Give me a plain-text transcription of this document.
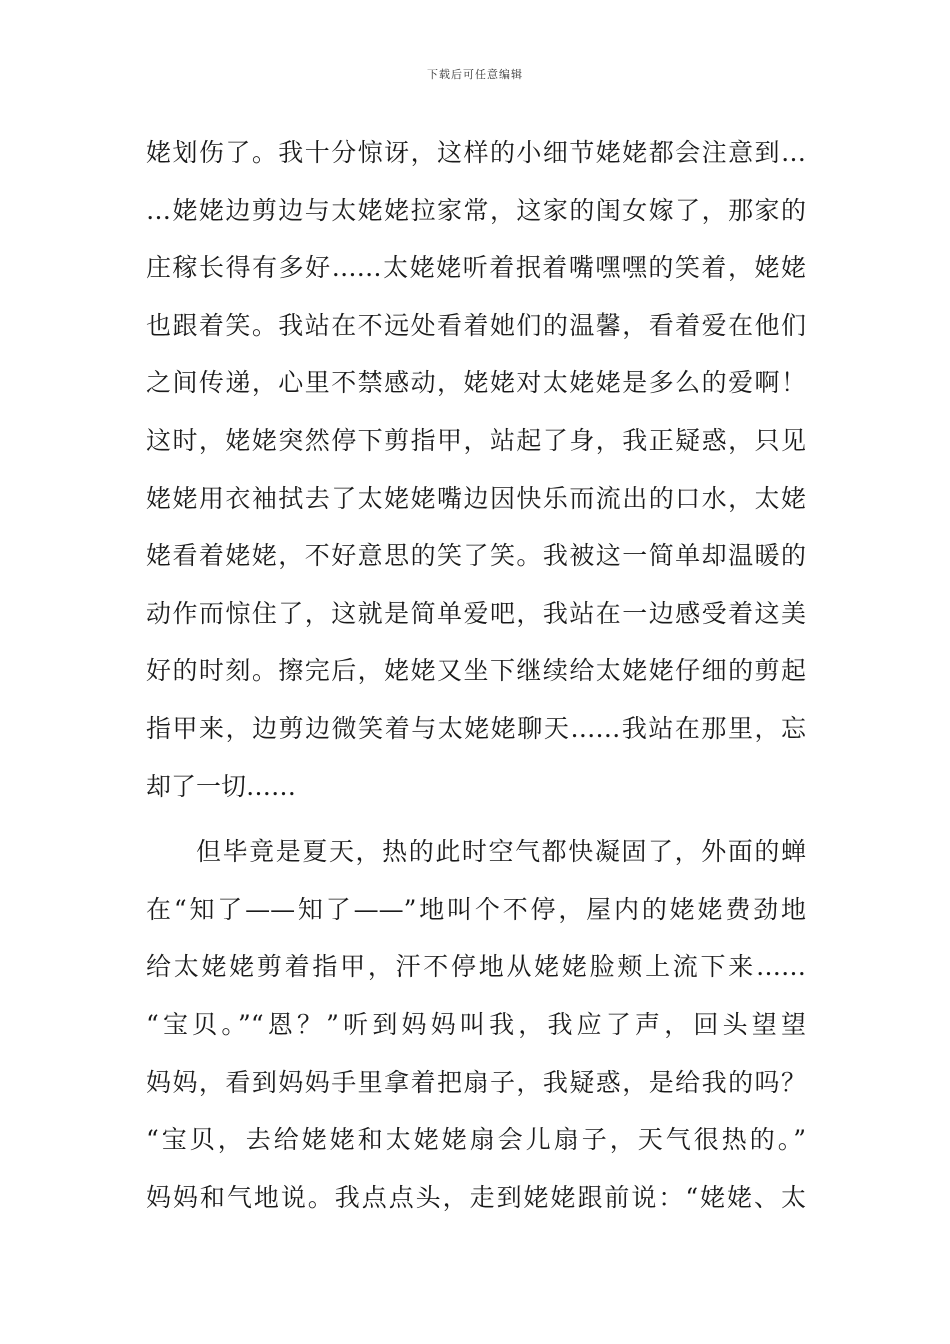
下载后可任意编辑
姥划伤了。我十分惊讶，这样的小细节姥姥都会注意到…
…姥姥边剪边与太姥姥拉家常，这家的闺女嫁了，那家的
庄稼长得有多好……太姥姥听着抿着嘴嘿嘿的笑着，姥姥
也跟着笑。我站在不远处看着她们的温馨，看着爱在他们
之间传递，心里不禁感动，姥姥对太姥姥是多么的爱啊！
这时，姥姥突然停下剪指甲，站起了身，我正疑惑，只见
姥姥用衣袖拭去了太姥姥嘴边因快乐而流出的口水，太姥
姥看着姥姥，不好意思的笑了笑。我被这一简单却温暖的
动作而惊住了，这就是简单爱吧，我站在一边感受着这美
好的时刻。擦完后，姥姥又坐下继续给太姥姥仔细的剪起
指甲来，边剪边微笑着与太姥姥聊天……我站在那里，忘
却了一切……
但毕竟是夏天，热的此时空气都快凝固了，外面的蝉
在“知了——知了——”地叫个不停，屋内的姥姥费劲地
给太姥姥剪着指甲，汗不停地从姥姥脸颊上流下来……
“宝贝。”“恩？”听到妈妈叫我，我应了声，回头望望
妈妈，看到妈妈手里拿着把扇子，我疑惑，是给我的吗？
“宝贝，去给姥姥和太姥姥扇会儿扇子，天气很热的。”
妈妈和气地说。我点点头，走到姥姥跟前说：“姥姥、太
